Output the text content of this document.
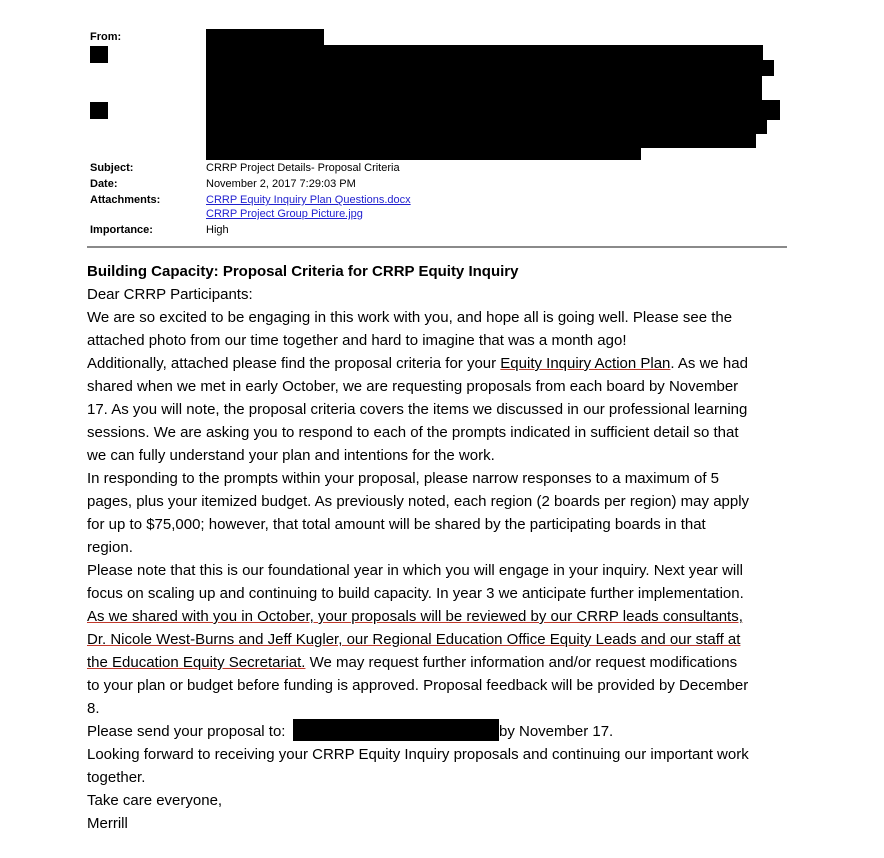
From:
Subject:	CRRP Project Details- Proposal Criteria
Date:	November 2, 2017 7:29:03 PM
Attachments:	CRRP Equity Inquiry Plan Questions.docx
CRRP Project Group Picture.jpg
Importance:	High
Building Capacity: Proposal Criteria for CRRP Equity Inquiry
Dear CRRP Participants:
We are so excited to be engaging in this work with you, and hope all is going well. Please see the
attached photo from our time together and hard to imagine that was a month ago!
Additionally, attached please find the proposal criteria for your Equity Inquiry Action Plan. As we had
shared when we met in early October, we are requesting proposals from each board by November
17. As you will note, the proposal criteria covers the items we discussed in our professional learning
sessions. We are asking you to respond to each of the prompts indicated in sufficient detail so that
we can fully understand your plan and intentions for the work.
In responding to the prompts within your proposal, please narrow responses to a maximum of 5
pages, plus your itemized budget. As previously noted, each region (2 boards per region) may apply
for up to $75,000; however, that total amount will be shared by the participating boards in that
region.
Please note that this is our foundational year in which you will engage in your inquiry. Next year will
focus on scaling up and continuing to build capacity. In year 3 we anticipate further implementation.
As we shared with you in October, your proposals will be reviewed by our CRRP leads consultants,
Dr. Nicole West-Burns and Jeff Kugler, our Regional Education Office Equity Leads and our staff at
the Education Equity Secretariat. We may request further information and/or request modifications
to your plan or budget before funding is approved. Proposal feedback will be provided by December
8.
Please send your proposal to:	by November 17.
Looking forward to receiving your CRRP Equity Inquiry proposals and continuing our important work
together.
Take care everyone,
Merrill
